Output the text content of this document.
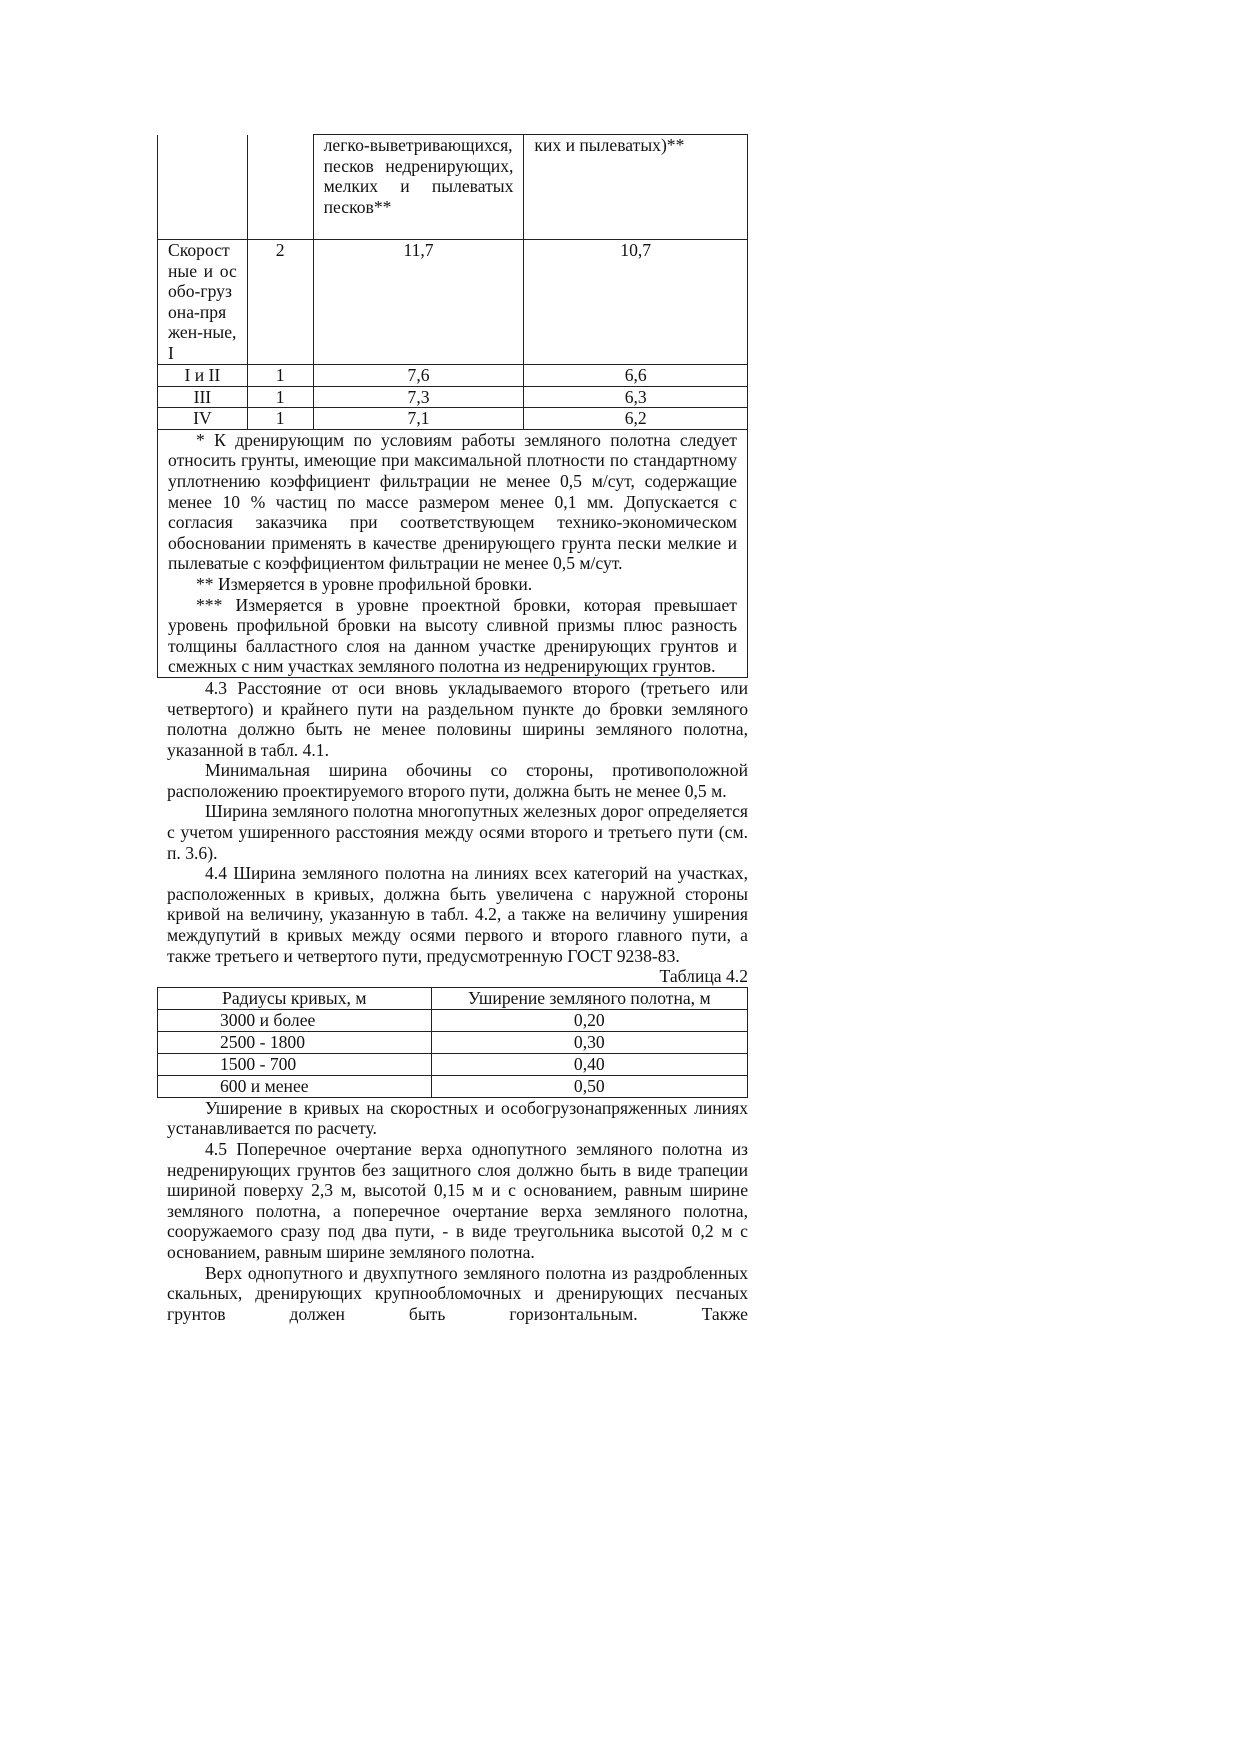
		легко-выветривающихся, песков недренирующих, мелких и пылеватых песков**	ких и пылеватых)**
Скоростные и особо-грузона-пряжен-ные, I	2	11,7	10,7
I и II	1	7,6	6,6
III	1	7,3	6,3
IV	1	7,1	6,2

* К дренирующим по условиям работы земляного полотна следует относить грунты, имеющие при максимальной плотности по стандартному уплотнению коэффициент фильтрации не менее 0,5 м/сут, содержащие менее 10 % частиц по массе размером менее 0,1 мм. Допускается с согласия заказчика при соответствующем технико-экономическом обосновании применять в качестве дренирующего грунта пески мелкие и пылеватые с коэффициентом фильтрации не менее 0,5 м/сут.

** Измеряется в уровне профильной бровки.

*** Измеряется в уровне проектной бровки, которая превышает уровень профильной бровки на высоту сливной призмы плюс разность толщины балластного слоя на данном участке дренирующих грунтов и смежных с ним участках земляного полотна из недренирующих грунтов.			

4.3 Расстояние от оси вновь укладываемого второго (третьего или четвертого) и крайнего пути на раздельном пункте до бровки земляного полотна должно быть не менее половины ширины земляного полотна, указанной в табл. 4.1.

Минимальная ширина обочины со стороны, противоположной расположению проектируемого второго пути, должна быть не менее 0,5 м.

Ширина земляного полотна многопутных железных дорог определяется с учетом уширенного расстояния между осями второго и третьего пути (см. п. 3.6).

4.4 Ширина земляного полотна на линиях всех категорий на участках, расположенных в кривых, должна быть увеличена с наружной стороны кривой на величину, указанную в табл. 4.2, а также на величину уширения междупутий в кривых между осями первого и второго главного пути, а также третьего и четвертого пути, предусмотренную ГОСТ 9238-83.

Таблица 4.2
Радиусы кривых, м	Уширение земляного полотна, м
3000 и более	0,20
2500 - 1800	0,30
1500 - 700	0,40
600 и менее	0,50

Уширение в кривых на скоростных и особогрузонапряженных линиях устанавливается по расчету.

4.5 Поперечное очертание верха однопутного земляного полотна из недренирующих грунтов без защитного слоя должно быть в виде трапеции шириной поверху 2,3 м, высотой 0,15 м и с основанием, равным ширине земляного полотна, а поперечное очертание верха земляного полотна, сооружаемого сразу под два пути, - в виде треугольника высотой 0,2 м с основанием, равным ширине земляного полотна.

Верх однопутного и двухпутного земляного полотна из раздробленных скальных, дренирующих крупнообломочных и дренирующих песчаных грунтов должен быть горизонтальным. Также
